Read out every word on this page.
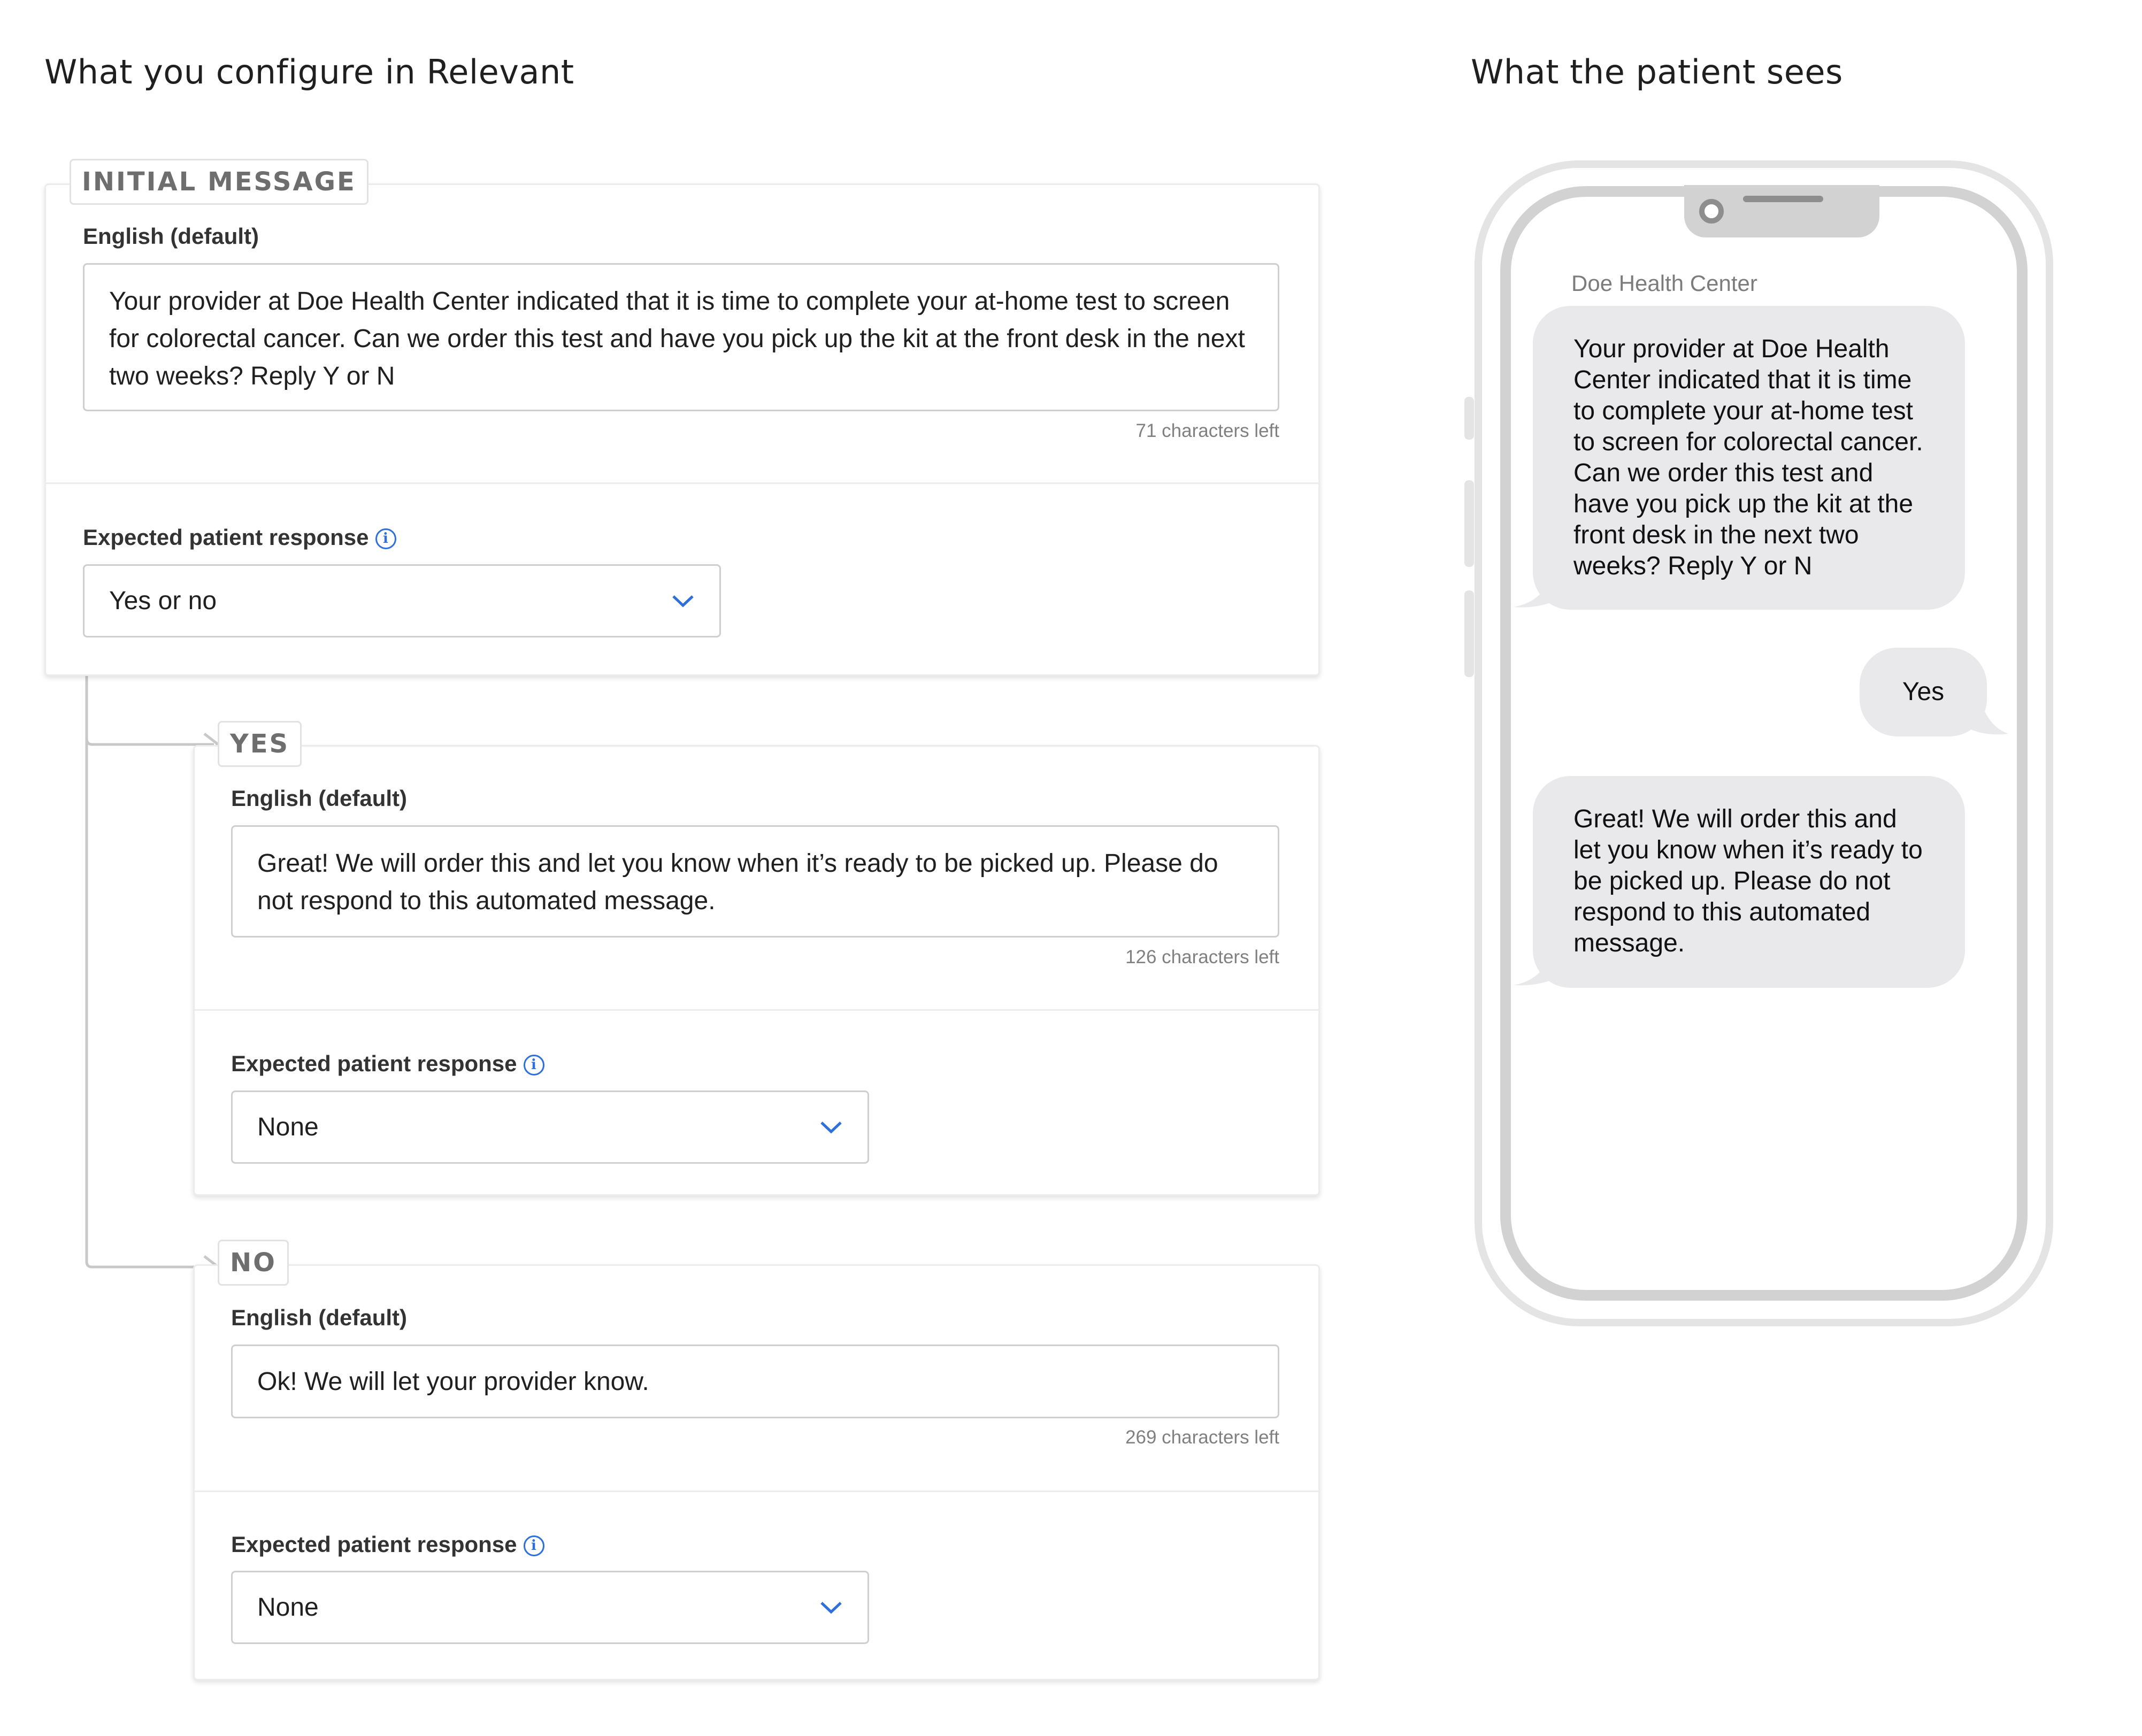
What you configure in Relevant	What the patient sees
INITIAL MESSAGE
English (default)
Your provider at Doe Health Center indicated that it is time to complete your at-home test to screen for colorectal cancer. Can we order this test and have you pick up the kit at the front desk in the next two weeks? Reply Y or N
71 characters left
Expected patient response i
Yes or no
YES
English (default)
Great! We will order this and let you know when it’s ready to be picked up. Please do not respond to this automated message.
126 characters left
Expected patient response i
None
NO
English (default)
Ok! We will let your provider know.
269 characters left
Expected patient response i
None
Doe Health Center
Your provider at Doe Health Center indicated that it is time to complete your at-home test to screen for colorectal cancer. Can we order this test and have you pick up the kit at the front desk in the next two weeks? Reply Y or N
Yes
Great! We will order this and let you know when it’s ready to be picked up. Please do not respond to this automated message.
